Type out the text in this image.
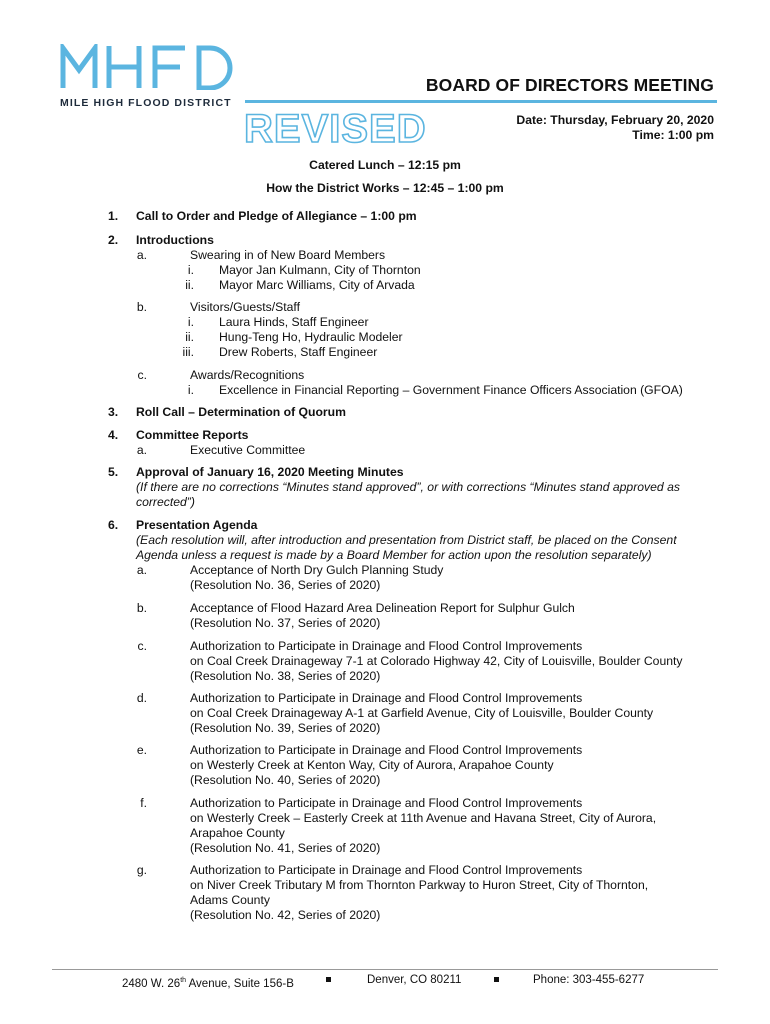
MILE HIGH FLOOD DISTRICT
BOARD OF DIRECTORS MEETING
REVISED	Date: Thursday, February 20, 2020
Time: 1:00 pm
Catered Lunch – 12:15 pm
How the District Works – 12:45 – 1:00 pm
1. Call to Order and Pledge of Allegiance – 1:00 pm
2. Introductions
a.	Swearing in of New Board Members
i. Mayor Jan Kulmann, City of Thornton
ii. Mayor Marc Williams, City of Arvada
b.	Visitors/Guests/Staff
i. Laura Hinds, Staff Engineer
ii. Hung-Teng Ho, Hydraulic Modeler
iii. Drew Roberts, Staff Engineer
c.	Awards/Recognitions
i. Excellence in Financial Reporting – Government Finance Officers Association (GFOA)
3. Roll Call – Determination of Quorum
4. Committee Reports
a.	Executive Committee
5. Approval of January 16, 2020 Meeting Minutes
(If there are no corrections “Minutes stand approved”, or with corrections “Minutes stand approved as
corrected”)
6. Presentation Agenda
(Each resolution will, after introduction and presentation from District staff, be placed on the Consent
Agenda unless a request is made by a Board Member for action upon the resolution separately)
a.	Acceptance of North Dry Gulch Planning Study
(Resolution No. 36, Series of 2020)
b.	Acceptance of Flood Hazard Area Delineation Report for Sulphur Gulch
(Resolution No. 37, Series of 2020)
c.	Authorization to Participate in Drainage and Flood Control Improvements
on Coal Creek Drainageway 7-1 at Colorado Highway 42, City of Louisville, Boulder County
(Resolution No. 38, Series of 2020)
d.	Authorization to Participate in Drainage and Flood Control Improvements
on Coal Creek Drainageway A-1 at Garfield Avenue, City of Louisville, Boulder County
(Resolution No. 39, Series of 2020)
e.	Authorization to Participate in Drainage and Flood Control Improvements
on Westerly Creek at Kenton Way, City of Aurora, Arapahoe County
(Resolution No. 40, Series of 2020)
f.	Authorization to Participate in Drainage and Flood Control Improvements
on Westerly Creek – Easterly Creek at 11th Avenue and Havana Street, City of Aurora,
Arapahoe County
(Resolution No. 41, Series of 2020)
g.	Authorization to Participate in Drainage and Flood Control Improvements
on Niver Creek Tributary M from Thornton Parkway to Huron Street, City of Thornton,
Adams County
(Resolution No. 42, Series of 2020)
2480 W. 26th Avenue, Suite 156-B	Denver, CO 80211	Phone: 303-455-6277
